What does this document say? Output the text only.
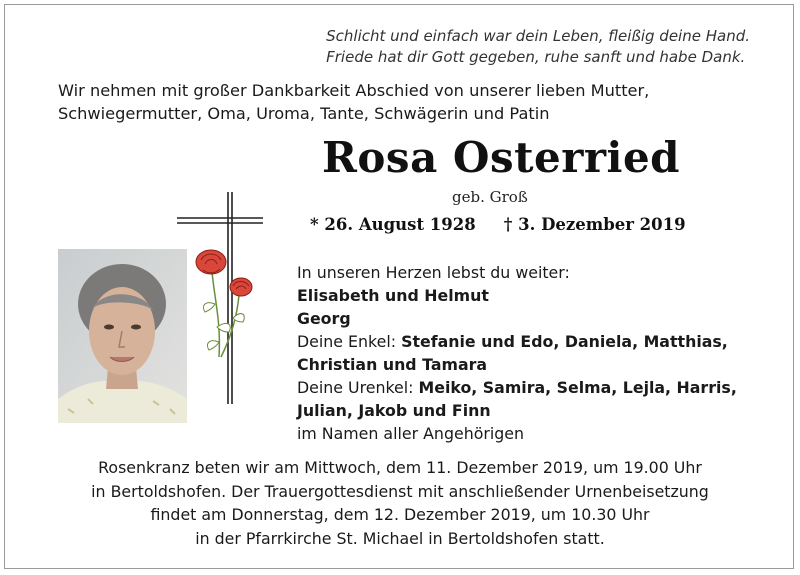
Schlicht und einfach war dein Leben, fleißig deine Hand.
Friede hat dir Gott gegeben, ruhe sanft und habe Dank.
Wir nehmen mit großer Dankbarkeit Abschied von unserer lieben Mutter,
Schwiegermutter, Oma, Uroma, Tante, Schwägerin und Patin
Rosa Osterried
geb. Groß
* 26. August 1928 † 3. Dezember 2019
In unseren Herzen lebst du weiter:
Elisabeth und Helmut
Georg
Deine Enkel: Stefanie und Edo, Daniela, Matthias,
Christian und Tamara
Deine Urenkel: Meiko, Samira, Selma, Lejla, Harris,
Julian, Jakob und Finn
im Namen aller Angehörigen
Rosenkranz beten wir am Mittwoch, dem 11. Dezember 2019, um 19.00 Uhr
in Bertoldshofen. Der Trauergottesdienst mit anschließender Urnenbeisetzung
findet am Donnerstag, dem 12. Dezember 2019, um 10.30 Uhr
in der Pfarrkirche St. Michael in Bertoldshofen statt.
